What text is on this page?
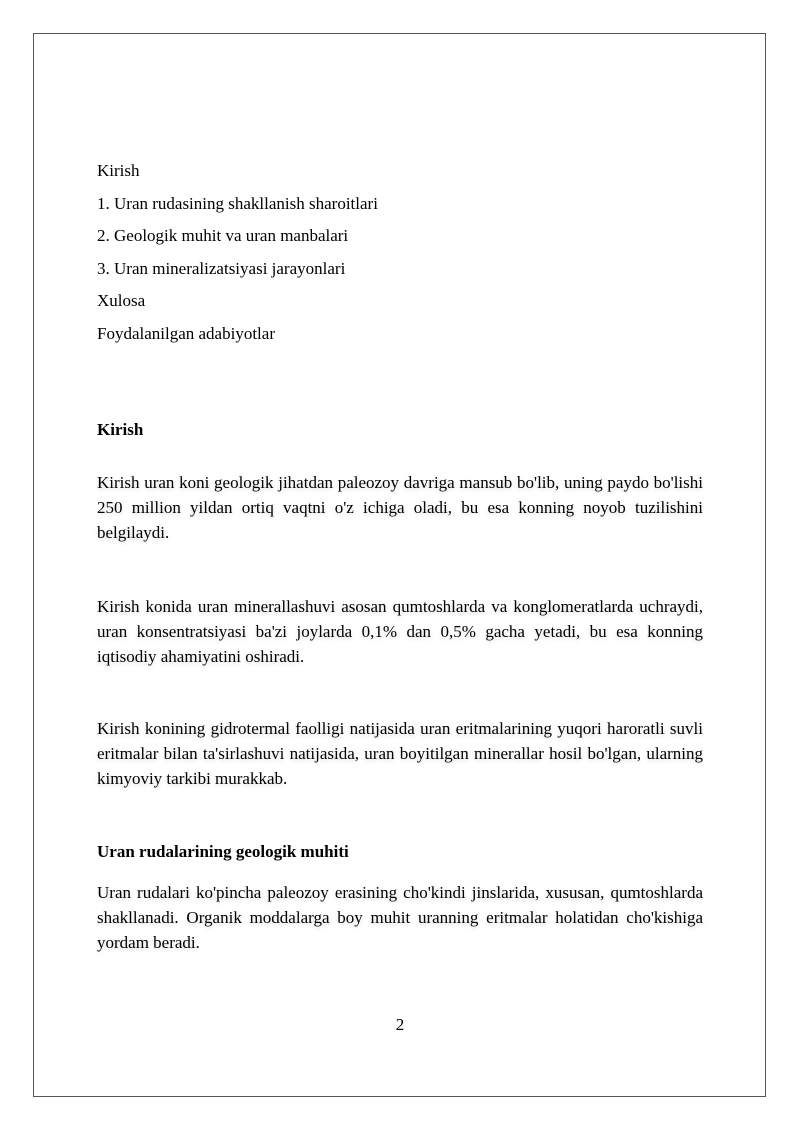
Kirish
1. Uran rudasining shakllanish sharoitlari
2. Geologik muhit va uran manbalari
3. Uran mineralizatsiyasi jarayonlari
Xulosa
Foydalanilgan adabiyotlar

Kirish

Kirish uran koni geologik jihatdan paleozoy davriga mansub bo'lib, uning paydo bo'lishi 250 million yildan ortiq vaqtni o'z ichiga oladi, bu esa konning noyob tuzilishini belgilaydi.

Kirish konida uran minerallashuvi asosan qumtoshlarda va konglomeratlarda uchraydi, uran konsentratsiyasi ba'zi joylarda 0,1% dan 0,5% gacha yetadi, bu esa konning iqtisodiy ahamiyatini oshiradi.

Kirish konining gidrotermal faolligi natijasida uran eritmalarining yuqori haroratli suvli eritmalar bilan ta'sirlashuvi natijasida, uran boyitilgan minerallar hosil bo'lgan, ularning kimyoviy tarkibi murakkab.

Uran rudalarining geologik muhiti

Uran rudalari ko'pincha paleozoy erasining cho'kindi jinslarida, xususan, qumtoshlarda shakllanadi. Organik moddalarga boy muhit uranning eritmalar holatidan cho'kishiga yordam beradi.

2
